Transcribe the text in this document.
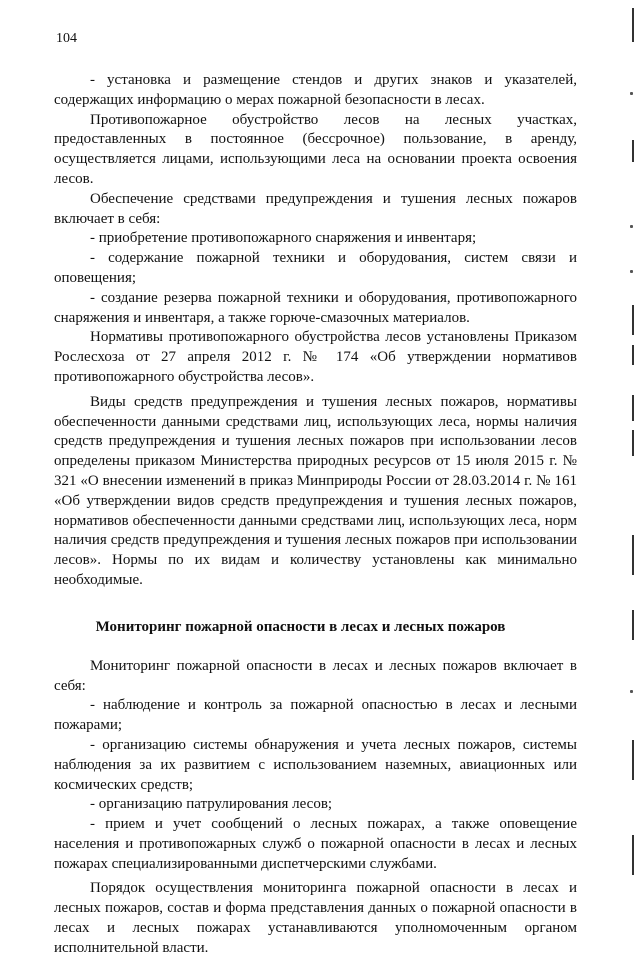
104

- установка и размещение стендов и других знаков и указателей, содержащих информацию о мерах пожарной безопасности в лесах.

Противопожарное обустройство лесов на лесных участках, предоставленных в постоянное (бессрочное) пользование, в аренду, осуществляется лицами, использующими леса на основании проекта освоения лесов.

Обеспечение средствами предупреждения и тушения лесных пожаров включает в себя:

- приобретение противопожарного снаряжения и инвентаря;

- содержание пожарной техники и оборудования, систем связи и оповещения;

- создание резерва пожарной техники и оборудования, противопожарного снаряжения и инвентаря, а также горюче-смазочных материалов.

Нормативы противопожарного обустройства лесов установлены Приказом Рослесхоза от 27 апреля 2012 г. № 174 «Об утверждении нормативов противопожарного обустройства лесов».

Виды средств предупреждения и тушения лесных пожаров, нормативы обеспеченности данными средствами лиц, использующих леса, нормы наличия средств предупреждения и тушения лесных пожаров при использовании лесов определены приказом Министерства природных ресурсов от 15 июля 2015 г. № 321 «О внесении изменений в приказ Минприроды России от 28.03.2014 г. № 161 «Об утверждении видов средств предупреждения и тушения лесных пожаров, нормативов обеспеченности данными средствами лиц, использующих леса, норм наличия средств предупреждения и тушения лесных пожаров при использовании лесов». Нормы по их видам и количеству установлены как минимально необходимые.

Мониторинг пожарной опасности в лесах и лесных пожаров

Мониторинг пожарной опасности в лесах и лесных пожаров включает в себя:

- наблюдение и контроль за пожарной опасностью в лесах и лесными пожарами;

- организацию системы обнаружения и учета лесных пожаров, системы наблюдения за их развитием с использованием наземных, авиационных или космических средств;

- организацию патрулирования лесов;

- прием и учет сообщений о лесных пожарах, а также оповещение населения и противопожарных служб о пожарной опасности в лесах и лесных пожарах специализированными диспетчерскими службами.

Порядок осуществления мониторинга пожарной опасности в лесах и лесных пожаров, состав и форма представления данных о пожарной опасности в лесах и лесных пожарах устанавливаются уполномоченным органом исполнительной власти.
